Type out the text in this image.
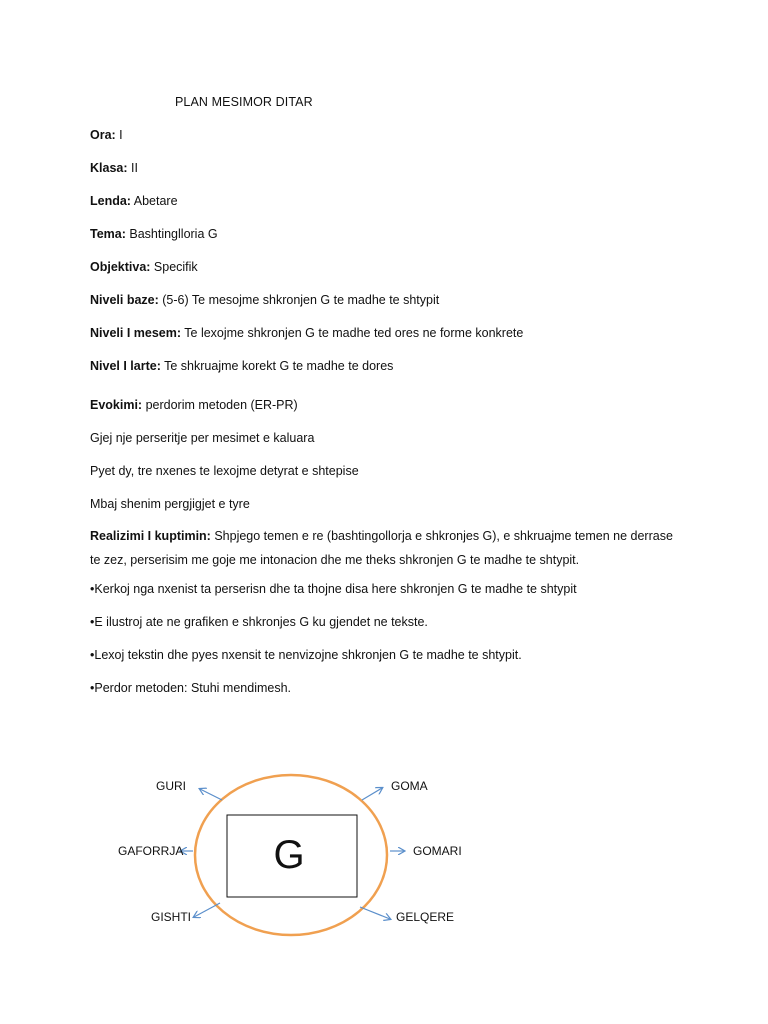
PLAN MESIMOR DITAR
Ora: I
Klasa: II
Lenda: Abetare
Tema: Bashtinglloria G
Objektiva: Specifik
Niveli baze: (5-6) Te mesojme shkronjen G te madhe te shtypit
Niveli I mesem: Te lexojme shkronjen G te madhe ted ores ne forme konkrete
Nivel I larte: Te shkruajme korekt G te madhe te dores
Evokimi: perdorim metoden (ER-PR)
Gjej nje perseritje per mesimet e kaluara
Pyet dy, tre nxenes te lexojme detyrat e shtepise
Mbaj shenim pergjigjet e tyre
Realizimi I kuptimin: Shpjego temen e re (bashtingollorja e shkronjes G), e shkruajme temen ne derrase te zez, perserisim me goje me intonacion dhe me theks shkronjen G te madhe te shtypit.
•Kerkoj nga nxenist ta perserisn dhe ta thojne disa here shkronjen G te madhe te shtypit
•E ilustroj ate ne grafiken e shkronjes G ku gjendet ne tekste.
•Lexoj tekstin dhe pyes nxensit te nenvizojne shkronjen G te madhe te shtypit.
•Perdor metoden: Stuhi mendimesh.
G
GURI	GOMA
GAFORRJA	GOMARI
GISHTI	GELQERE
